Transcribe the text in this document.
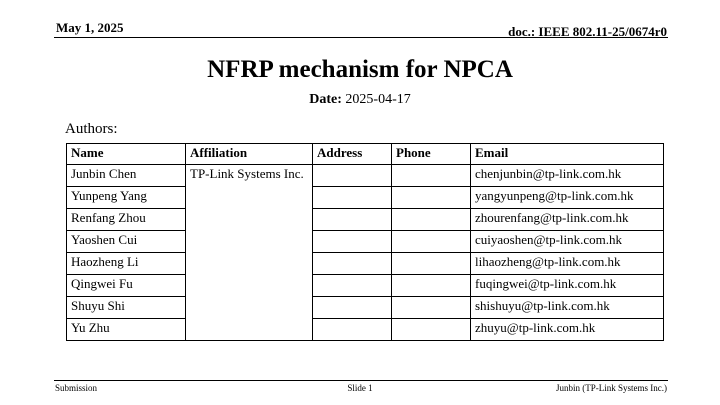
May 1, 2025	doc.: IEEE 802.11-25/0674r0
NFRP mechanism for NPCA
Date: 2025-04-17
Authors:
Name	Affiliation	Address	Phone	Email
Junbin Chen	TP-Link Systems Inc.			chenjunbin@tp-link.com.hk
Yunpeng Yang				yangyunpeng@tp-link.com.hk
Renfang Zhou				zhourenfang@tp-link.com.hk
Yaoshen Cui				cuiyaoshen@tp-link.com.hk
Haozheng Li				lihaozheng@tp-link.com.hk
Qingwei Fu				fuqingwei@tp-link.com.hk
Shuyu Shi				shishuyu@tp-link.com.hk
Yu Zhu				zhuyu@tp-link.com.hk
Submission	Slide 1	Junbin (TP-Link Systems Inc.)
